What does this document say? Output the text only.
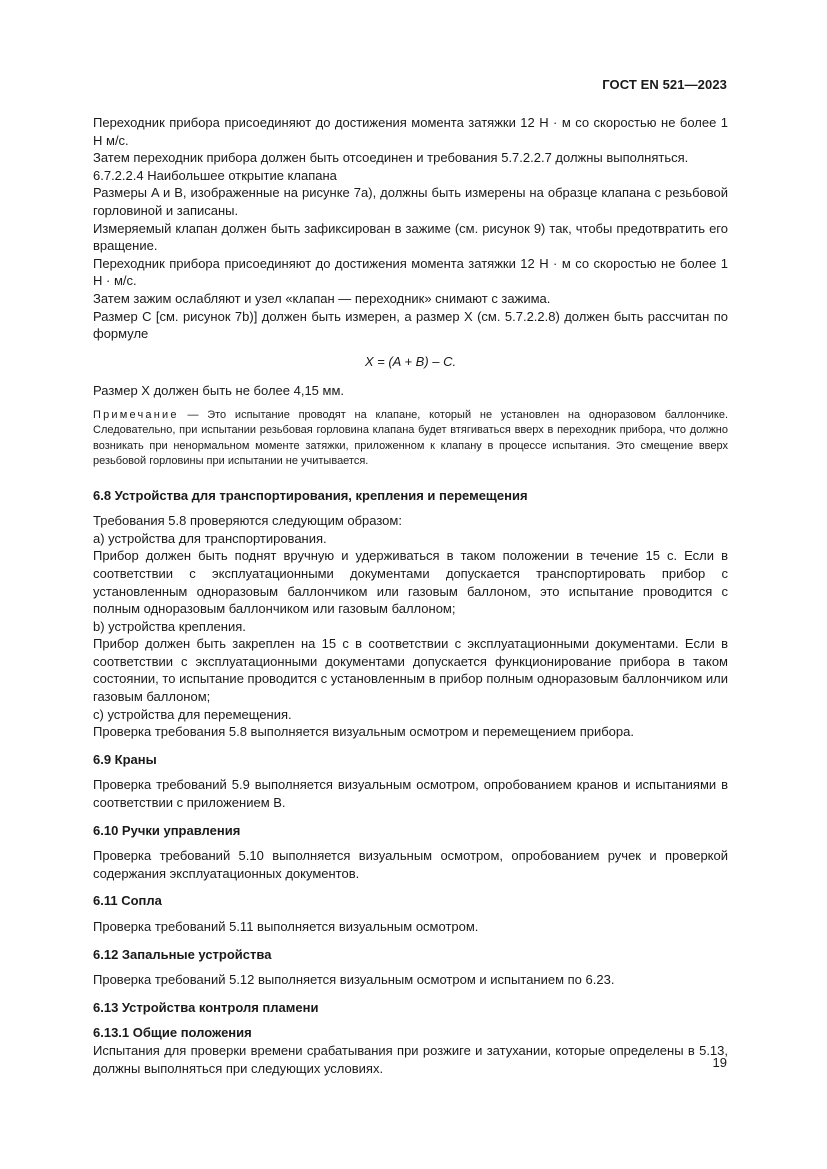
ГОСТ EN 521—2023

Переходник прибора присоединяют до достижения момента затяжки 12 Н · м со скоростью не более 1 Н м/с.

Затем переходник прибора должен быть отсоединен и требования 5.7.2.2.7 должны выполняться.

6.7.2.2.4 Наибольшее открытие клапана

Размеры A и B, изображенные на рисунке 7а), должны быть измерены на образце клапана с резьбовой горловиной и записаны.

Измеряемый клапан должен быть зафиксирован в зажиме (см. рисунок 9) так, чтобы предотвратить его вращение.

Переходник прибора присоединяют до достижения момента затяжки 12 Н · м со скоростью не более 1 Н · м/с.

Затем зажим ослабляют и узел «клапан — переходник» снимают с зажима.

Размер C [см. рисунок 7b)] должен быть измерен, а размер X (см. 5.7.2.2.8) должен быть рассчитан по формуле

X = (A + B) – C.

Размер X должен быть не более 4,15 мм.

Примечание — Это испытание проводят на клапане, который не установлен на одноразовом баллончике. Следовательно, при испытании резьбовая горловина клапана будет втягиваться вверх в переходник прибора, что должно возникать при ненормальном моменте затяжки, приложенном к клапану в процессе испытания. Это смещение вверх резьбовой горловины при испытании не учитывается.

6.8 Устройства для транспортирования, крепления и перемещения

Требования 5.8 проверяются следующим образом:

a) устройства для транспортирования.

Прибор должен быть поднят вручную и удерживаться в таком положении в течение 15 с. Если в соответствии с эксплуатационными документами допускается транспортировать прибор с установленным одноразовым баллончиком или газовым баллоном, это испытание проводится с полным одноразовым баллончиком или газовым баллоном;

b) устройства крепления.

Прибор должен быть закреплен на 15 с в соответствии с эксплуатационными документами. Если в соответствии с эксплуатационными документами допускается функционирование прибора в таком состоянии, то испытание проводится с установленным в прибор полным одноразовым баллончиком или газовым баллоном;

c) устройства для перемещения.

Проверка требования 5.8 выполняется визуальным осмотром и перемещением прибора.

6.9 Краны

Проверка требований 5.9 выполняется визуальным осмотром, опробованием кранов и испытаниями в соответствии с приложением В.

6.10 Ручки управления

Проверка требований 5.10 выполняется визуальным осмотром, опробованием ручек и проверкой содержания эксплуатационных документов.

6.11 Сопла

Проверка требований 5.11 выполняется визуальным осмотром.

6.12 Запальные устройства

Проверка требований 5.12 выполняется визуальным осмотром и испытанием по 6.23.

6.13 Устройства контроля пламени
6.13.1 Общие положения

Испытания для проверки времени срабатывания при розжиге и затухании, которые определены в 5.13, должны выполняться при следующих условиях.	19
